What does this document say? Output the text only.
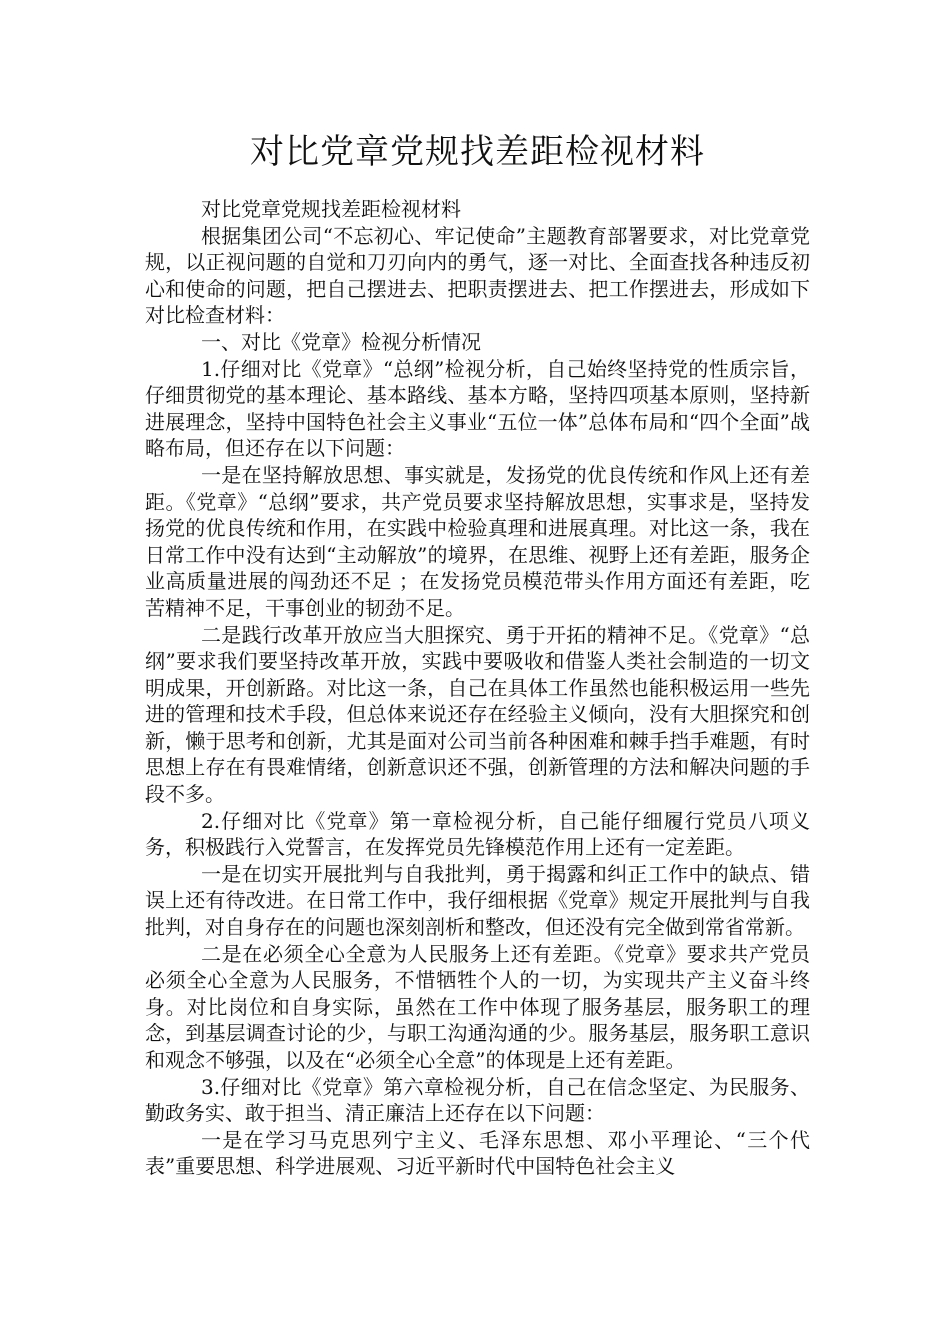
对比党章党规找差距检视材料

对比党章党规找差距检视材料

根据集团公司“不忘初心、牢记使命”主题教育部署要求，对比党章党规，以正视问题的自觉和刀刃向内的勇气，逐一对比、全面查找各种违反初心和使命的问题，把自己摆进去、把职责摆进去、把工作摆进去，形成如下对比检查材料：

一、对比《党章》检视分析情况

1.仔细对比《党章》“总纲”检视分析，自己始终坚持党的性质宗旨，仔细贯彻党的基本理论、基本路线、基本方略，坚持四项基本原则，坚持新进展理念，坚持中国特色社会主义事业“五位一体”总体布局和“四个全面”战略布局，但还存在以下问题：

一是在坚持解放思想、事实就是，发扬党的优良传统和作风上还有差距。《党章》“总纲”要求，共产党员要求坚持解放思想，实事求是，坚持发扬党的优良传统和作用，在实践中检验真理和进展真理。对比这一条，我在日常工作中没有达到“主动解放”的境界，在思维、视野上还有差距，服务企业高质量进展的闯劲还不足 ；在发扬党员模范带头作用方面还有差距，吃苦精神不足，干事创业的韧劲不足。

二是践行改革开放应当大胆探究、勇于开拓的精神不足。《党章》“总纲”要求我们要坚持改革开放，实践中要吸收和借鉴人类社会制造的一切文明成果，开创新路。对比这一条，自己在具体工作虽然也能积极运用一些先进的管理和技术手段，但总体来说还存在经验主义倾向，没有大胆探究和创新，懒于思考和创新，尤其是面对公司当前各种困难和棘手挡手难题，有时思想上存在有畏难情绪，创新意识还不强，创新管理的方法和解决问题的手段不多。

2.仔细对比《党章》第一章检视分析，自己能仔细履行党员八项义务，积极践行入党誓言，在发挥党员先锋模范作用上还有一定差距。

一是在切实开展批判与自我批判，勇于揭露和纠正工作中的缺点、错误上还有待改进。在日常工作中，我仔细根据《党章》规定开展批判与自我批判，对自身存在的问题也深刻剖析和整改，但还没有完全做到常省常新。

二是在必须全心全意为人民服务上还有差距。《党章》要求共产党员必须全心全意为人民服务，不惜牺牲个人的一切，为实现共产主义奋斗终身。对比岗位和自身实际，虽然在工作中体现了服务基层，服务职工的理念，到基层调查讨论的少，与职工沟通沟通的少。服务基层，服务职工意识和观念不够强，以及在“必须全心全意”的体现是上还有差距。

3.仔细对比《党章》第六章检视分析，自己在信念坚定、为民服务、勤政务实、敢于担当、清正廉洁上还存在以下问题：

一是在学习马克思列宁主义、毛泽东思想、邓小平理论、“三个代表”重要思想、科学进展观、习近平新时代中国特色社会主义
